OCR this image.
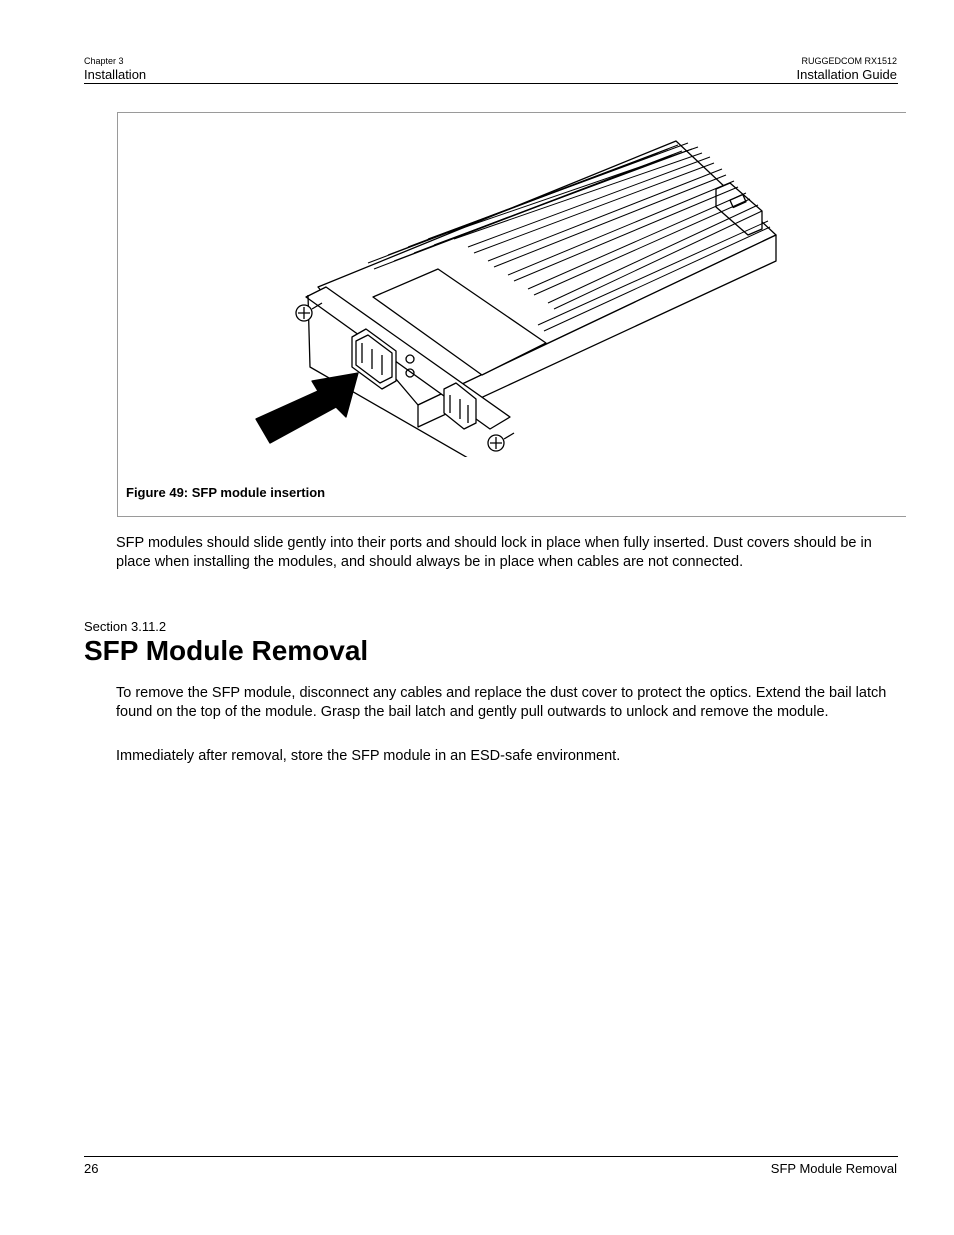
Chapter 3
Installation
RUGGEDCOM RX1512
Installation Guide
Figure 49: SFP module insertion
SFP modules should slide gently into their ports and should lock in place when fully inserted. Dust covers should be in place when installing the modules, and should always be in place when cables are not connected.
Section 3.11.2
SFP Module Removal
To remove the SFP module, disconnect any cables and replace the dust cover to protect the optics. Extend the bail latch found on the top of the module. Grasp the bail latch and gently pull outwards to unlock and remove the module.
Immediately after removal, store the SFP module in an ESD-safe environment.
26	SFP Module Removal
